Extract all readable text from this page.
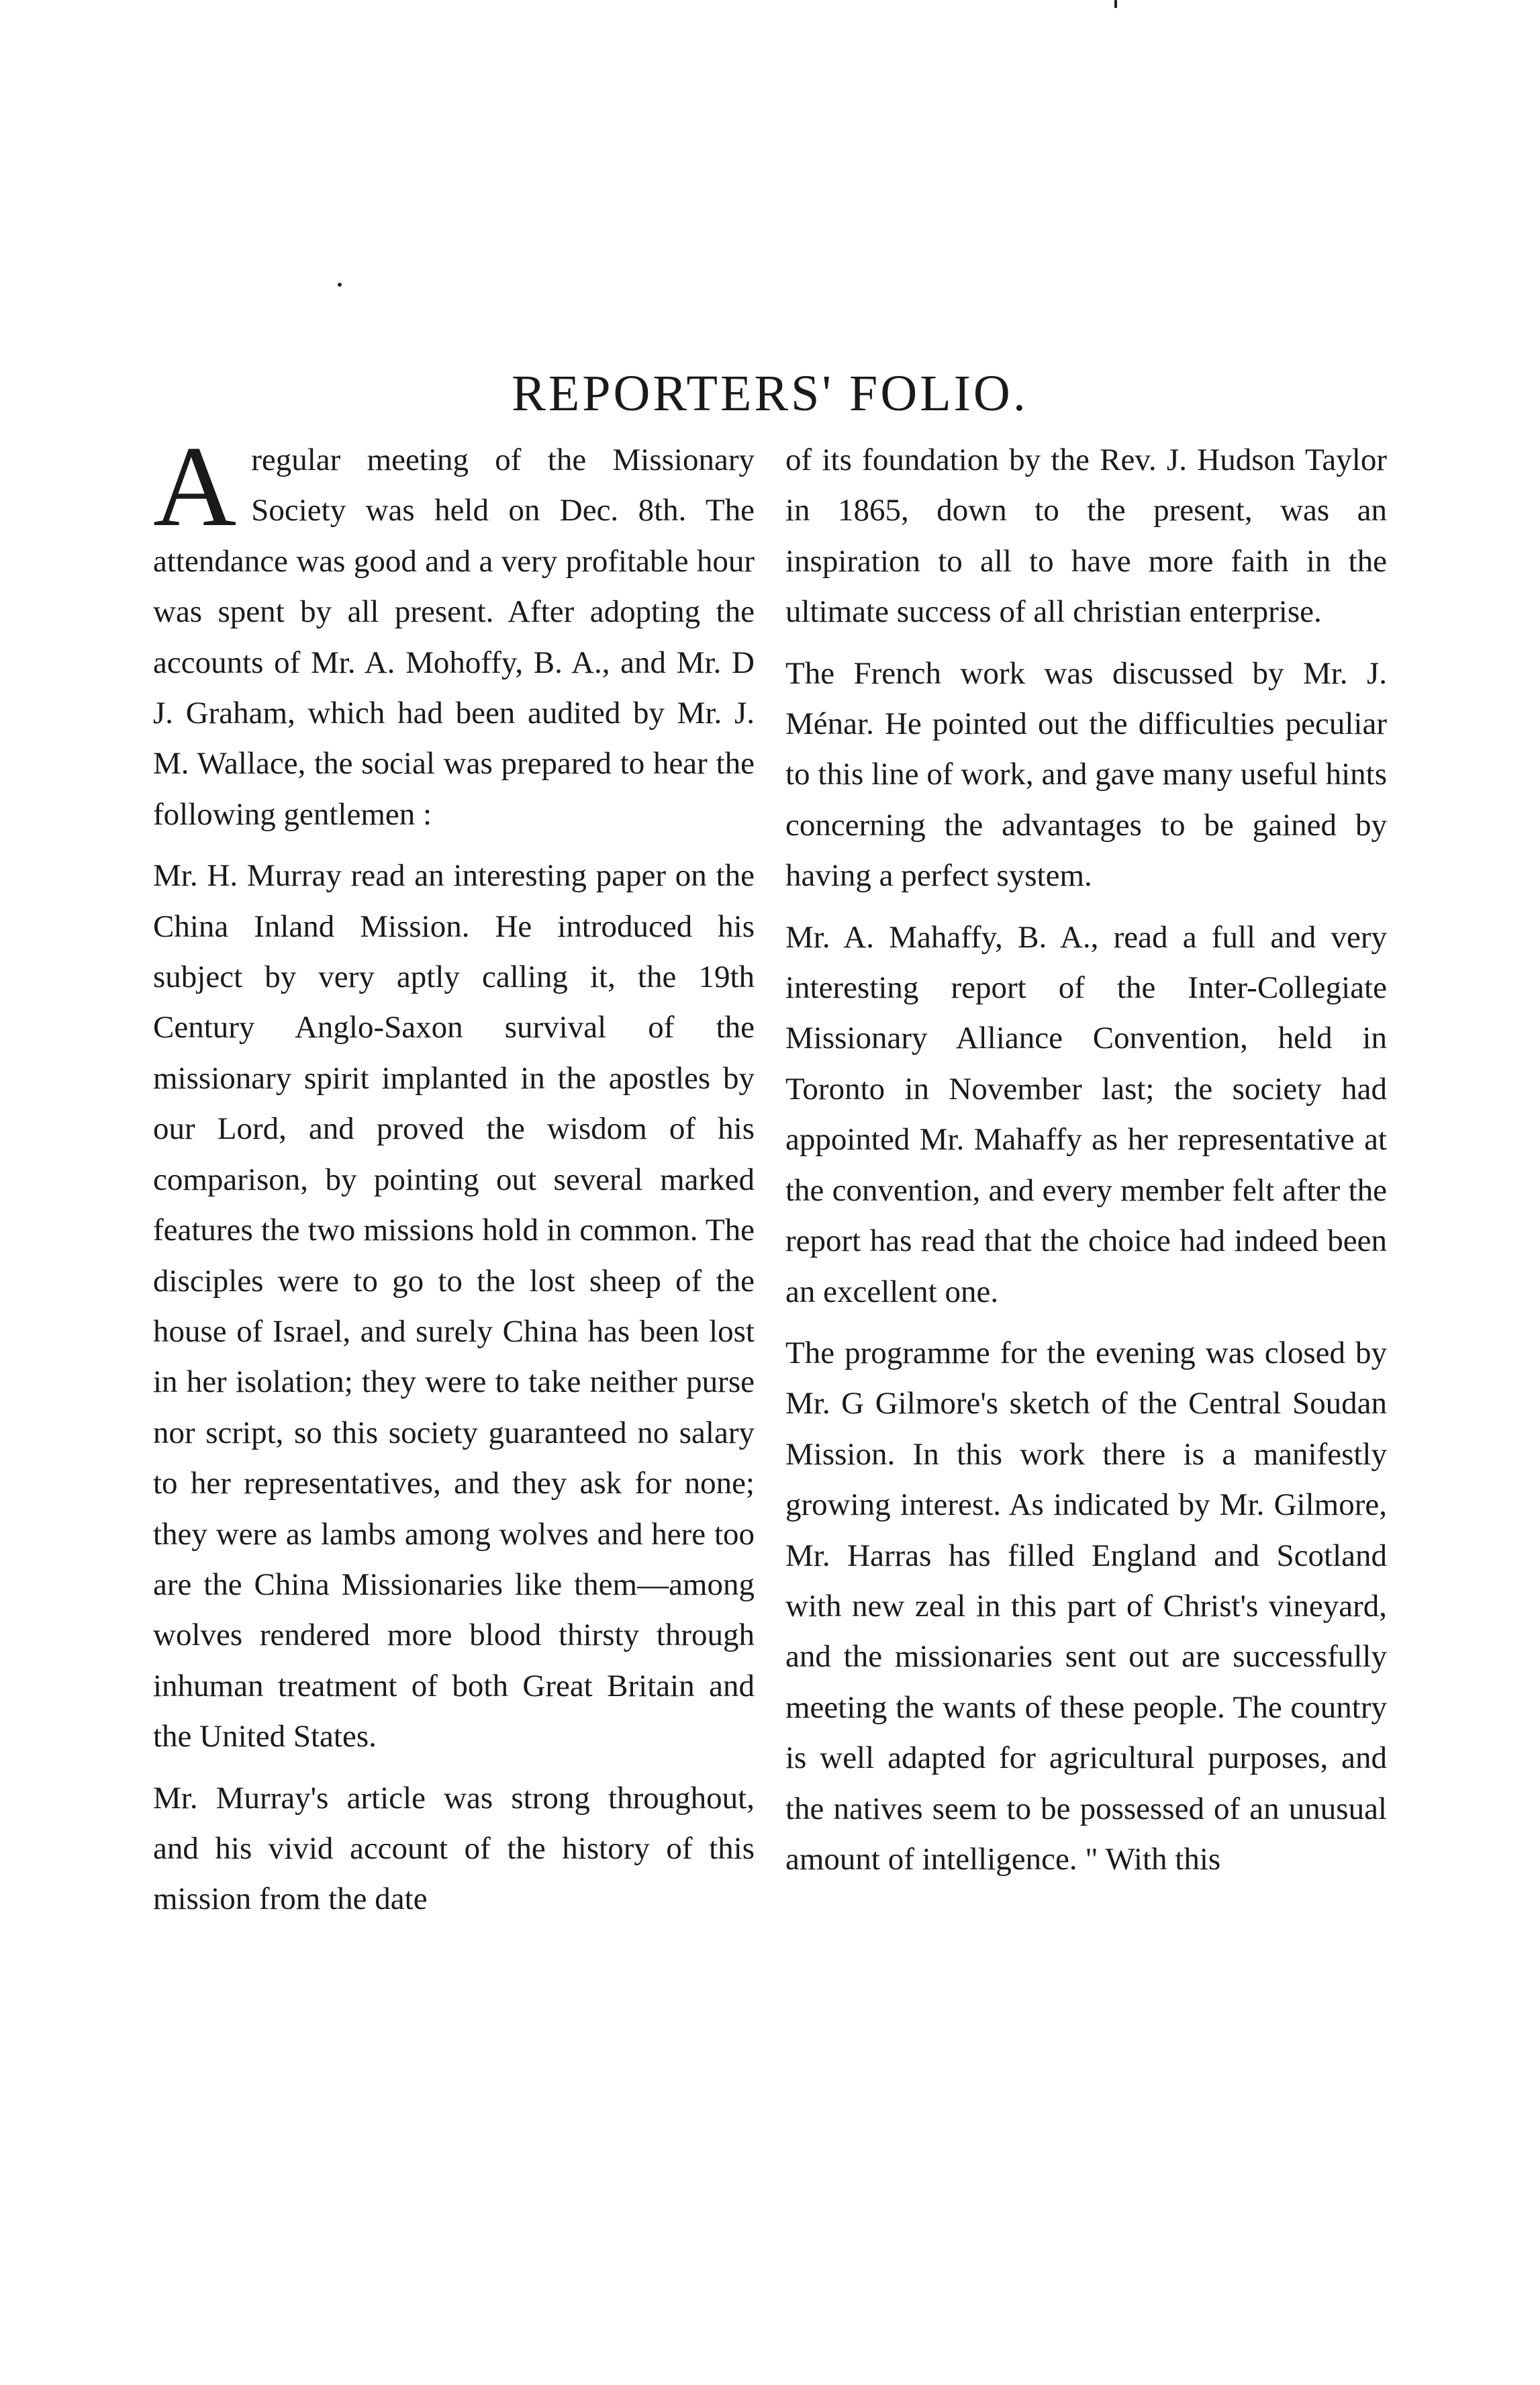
REPORTERS' FOLIO.

A regular meeting of the Missionary Society was held on Dec. 8th. The attendance was good and a very profitable hour was spent by all present. After adopting the accounts of Mr. A. Mohoffy, B. A., and Mr. D J. Graham, which had been audited by Mr. J. M. Wallace, the social was prepared to hear the following gentlemen :

Mr. H. Murray read an interesting paper on the China Inland Mission. He introduced his subject by very aptly calling it, the 19th Century Anglo-Saxon survival of the missionary spirit implanted in the apostles by our Lord, and proved the wisdom of his comparison, by pointing out several marked features the two missions hold in common. The disciples were to go to the lost sheep of the house of Israel, and surely China has been lost in her isolation; they were to take neither purse nor script, so this society guaranteed no salary to her representatives, and they ask for none; they were as lambs among wolves and here too are the China Missionaries like them—among wolves rendered more blood thirsty through inhuman treatment of both Great Britain and the United States.

Mr. Murray's article was strong throughout, and his vivid account of the history of this mission from the date

of its foundation by the Rev. J. Hudson Taylor in 1865, down to the present, was an inspiration to all to have more faith in the ultimate success of all christian enterprise.

The French work was discussed by Mr. J. Ménar. He pointed out the difficulties peculiar to this line of work, and gave many useful hints concerning the advantages to be gained by having a perfect system.

Mr. A. Mahaffy, B. A., read a full and very interesting report of the Inter-Collegiate Missionary Alliance Convention, held in Toronto in November last; the society had appointed Mr. Mahaffy as her representative at the convention, and every member felt after the report has read that the choice had indeed been an excellent one.

The programme for the evening was closed by Mr. G Gilmore's sketch of the Central Soudan Mission. In this work there is a manifestly growing interest. As indicated by Mr. Gilmore, Mr. Harras has filled England and Scotland with new zeal in this part of Christ's vineyard, and the missionaries sent out are successfully meeting the wants of these people. The country is well adapted for agricultural purposes, and the natives seem to be possessed of an unusual amount of intelligence. " With this
